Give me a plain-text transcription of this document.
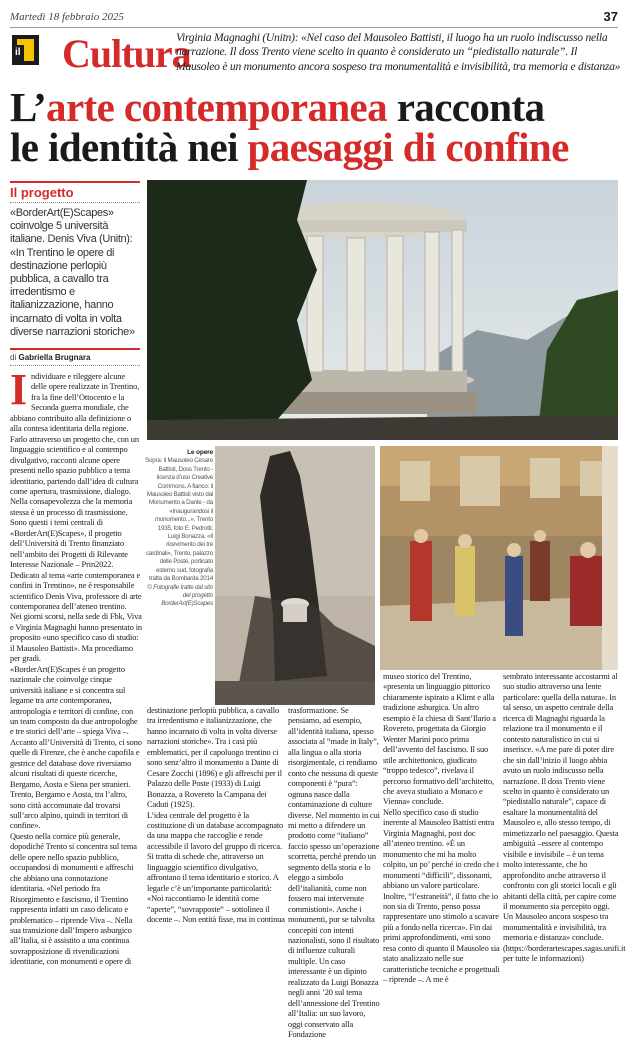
Martedì 18 febbraio 2025	37
il Cultura
Virginia Magnaghi (Unitn): «Nel caso del Mausoleo Battisti, il luogo ha un ruolo indiscusso nella narrazione. Il doss Trento viene scelto in quanto è considerato un “piedistallo naturale”. Il Mausoleo è un monumento ancora sospeso tra monumentalità e invisibilità, tra memoria e distanza»
L’arte contemporanea racconta
le identità nei paesaggi di confine
Il progetto
«BorderArt(E)Scapes» coinvolge 5 università italiane. Denis Viva (Unitn): «In Trentino le opere di destinazione perlopiù pubblica, a cavallo tra irredentismo e italianizzazione, hanno incarnato di volta in volta diverse narrazioni storiche»
di Gabriella Brugnara
Le opere
Sopra: il Mausoleo Cesare Battisti, Doss Trento - licenza d’uso Creative Commons. A fianco: il Mausoleo Battisti visto dal Monumento a Dante - da «Inaugurandosi il monumento...», Trento 1935, foto E. Pedrotti; Luigi Bonazza, «Il ricevimento dei tre cardinali», Trento, palazzo delle Poste, porticato esterno sud, fotografia tratta da Bombarda 2014 © Fotografie tratte dal sito del progetto BorderArt(E)Scapes
I ndividuare e rileggere alcune delle opere realizzate in Trentino, fra la fine dell’Ottocento e la Seconda guerra mondiale, che abbiano contribuito alla definizione o alla contesa identitaria della regione. Farlo attraverso un progetto che, con un linguaggio scientifico e al contempo divulgativo, racconti alcune opere presenti nello spazio pubblico a tema identitario, partendo dall’idea di cultura come apertura, trasmissione, dialogo. Nella consapevolezza che la memoria stessa è un processo di trasmissione.

Sono questi i temi centrali di «BorderArt(E)Scapes», il progetto dell’Università di Trento finanziato nell’ambito dei Progetti di Rilevante Interesse Nazionale – Prin2022. Dedicato al tema «arte contemporanea e confini in Trentino», ne è responsabile scientifico Denis Viva, professore di arte contemporanea dell’ateneo trentino.

Nei giorni scorsi, nella sede di Fbk, Viva e Virginia Magnaghi hanno presentato in proposito «uno specifico caso di studio: il Mausoleo Battisti». Ma procediamo per gradi.

«BorderArt(E)Scapes è un progetto nazionale che coinvolge cinque università italiane e si concentra sul legame tra arte contemporanea, antropologia e territori di confine, con un team composto da due antropologhe e tre storici dell’arte – spiega Viva –. Accanto all’Università di Trento, ci sono quelle di Firenze, che è anche capofila e gestrice del database dove riversiamo alcuni risultati di queste ricerche, Bergamo, Aosta e Siena per stranieri. Trento, Bergamo e Aosta, tra l’altro, sono città accomunate dal trovarsi sull’arco alpino, quindi in territori di confine».

Questo nella cornice più generale, dopodiché Trento si concentra sul tema delle opere nello spazio pubblico, occupandosi di monumenti e affreschi che abbiano una connotazione identitaria. «Nel periodo fra Risorgimento e fascismo, il Trentino rappresenta infatti un caso delicato e problematico – riprende Viva –. Nella sua transizione dall’Impero asburgico all’Italia, si è assistito a una continua sovrapposizione di rivendicazioni identitarie, con monumenti e opere di

destinazione perlopiù pubblica, a cavallo tra irredentismo e italianizzazione, che hanno incarnato di volta in volta diverse narrazioni storiche». Tra i casi più emblematici, per il capoluogo trentino ci sono senz’altro il monumento a Dante di Cesare Zocchi (1896) e gli affreschi per il Palazzo delle Poste (1933) di Luigi Bonazza, a Rovereto la Campana dei Caduti (1925).

L’idea centrale del progetto è la costituzione di un database accompagnato da una mappa che raccoglie e rende accessibile il lavoro del gruppo di ricerca. Si tratta di schede che, attraverso un linguaggio scientifico divulgativo, affrontano il tema identitario e storico. A legarle c’è un’importante particolarità: «Noi raccontiamo le identità come “aperte”, “sovrapposte” – sottolinea il docente –. Non entità fisse, ma in continua

trasformazione. Se pensiamo, ad esempio, all’identità italiana, spesso associata al “made in Italy”, alla lingua o alla storia risorgimentale, ci rendiamo conto che nessuna di queste componenti è “pura”: ognuna nasce dalla contaminazione di culture diverse. Nel momento in cui mi metto a difendere un prodotto come “italiano” faccio spesso un’operazione scorretta, perché prendo un segmento della storia e lo eleggo a simbolo dell’italianità, come non fossero mai intervenute commistioni». Anche i monumenti, pur se talvolta concepiti con intenti nazionalisti, sono il risultato di influenze culturali multiple. Un caso interessante è un dipinto realizzato da Luigi Bonazza negli anni ’20 sul tema dell’annessione del Trentino all’Italia: un suo lavoro, oggi conservato alla Fondazione

museo storico del Trentino, «presenta un linguaggio pittorico chiaramente ispirato a Klimt e alla tradizione asburgica. Un altro esempio è la chiesa di Sant’Ilario a Rovereto, progettata da Giorgio Wenter Marini poco prima dell’avvento del fascismo. Il suo stile architettonico, giudicato “troppo tedesco”, rivelava il percorso formativo dell’architetto, che aveva studiato a Monaco e Vienna» conclude.

Nello specifico caso di studio inerente al Mausoleo Battisti entra Virginia Magnaghi, post doc all’ateneo trentino. «È un monumento che mi ha molto colpito, un po’ perché io credo che i monumenti “difficili”, dissonanti, abbiano un valore particolare. Inoltre, “l’estraneità”, il fatto che io non sia di Trento, penso possa rappresentare uno stimolo a scavare più a fondo nella ricerca». Fin dai primi approfondimenti, «mi sono resa conto di quanto il Mausoleo sia stato analizzato nelle sue caratteristiche tecniche e progettuali – riprende –. A me è

sembrato interessante accostarmi al suo studio attraverso una lente particolare: quella della natura». In tal senso, un aspetto centrale della ricerca di Magnaghi riguarda la relazione tra il monumento e il contesto naturalistico in cui si inserisce. «A me pare di poter dire che sin dall’inizio il luogo abbia avuto un ruolo indiscusso nella narrazione. Il doss Trento viene scelto in quanto è considerato un “piedistallo naturale”, capace di esaltare la monumentalità del Mausoleo e, allo stesso tempo, di mimetizzarlo nel paesaggio. Questa ambiguità –essere al contempo visibile e invisibile – è un tema molto interessante, che ho approfondito anche attraverso il confronto con gli storici locali e gli abitanti della città, per capire come il monumento sia percepito oggi. Un Mausoleo ancora sospeso tra monumentalità e invisibilità, tra memoria e distanza» conclude. (https://borderartescapes.sagas.unifi.it per tutte le informazioni)
